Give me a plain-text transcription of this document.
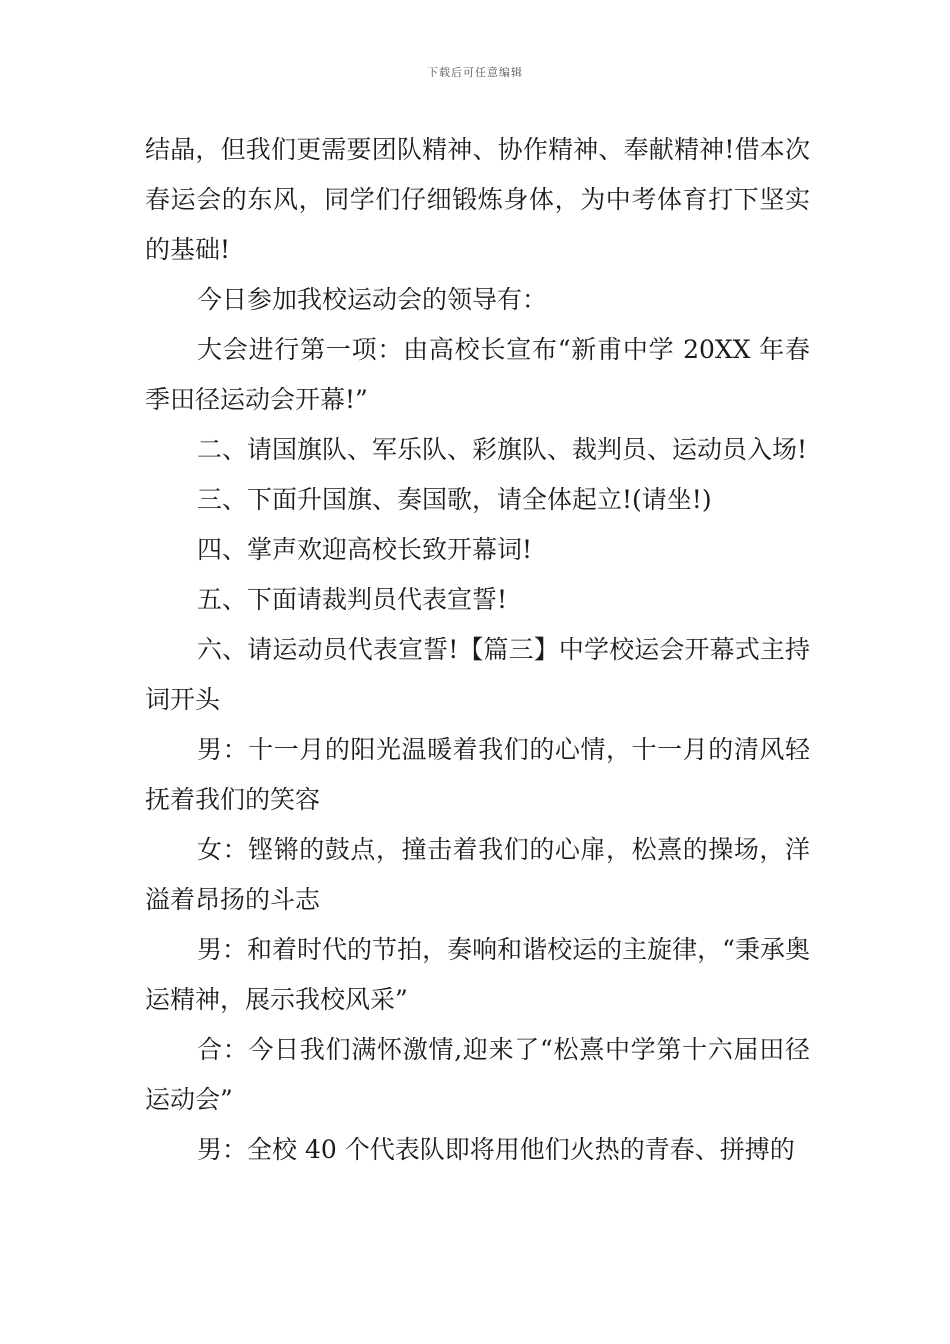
下载后可任意编辑

结晶，但我们更需要团队精神、协作精神、奉献精神!借本次春运会的东风，同学们仔细锻炼身体，为中考体育打下坚实的基础!

今日参加我校运动会的领导有：

大会进行第一项：由高校长宣布“新甫中学 20XX 年春季田径运动会开幕!”

二、请国旗队、军乐队、彩旗队、裁判员、运动员入场!

三、下面升国旗、奏国歌，请全体起立!(请坐!)

四、掌声欢迎高校长致开幕词!

五、下面请裁判员代表宣誓!

六、请运动员代表宣誓!【篇三】中学校运会开幕式主持词开头

男：十一月的阳光温暖着我们的心情，十一月的清风轻抚着我们的笑容

女：铿锵的鼓点，撞击着我们的心扉，松熹的操场，洋溢着昂扬的斗志

男：和着时代的节拍，奏响和谐校运的主旋律，“秉承奥运精神，展示我校风采”

合：今日我们满怀激情,迎来了“松熹中学第十六届田径运动会”

男：全校 40 个代表队即将用他们火热的青春、拼搏的
